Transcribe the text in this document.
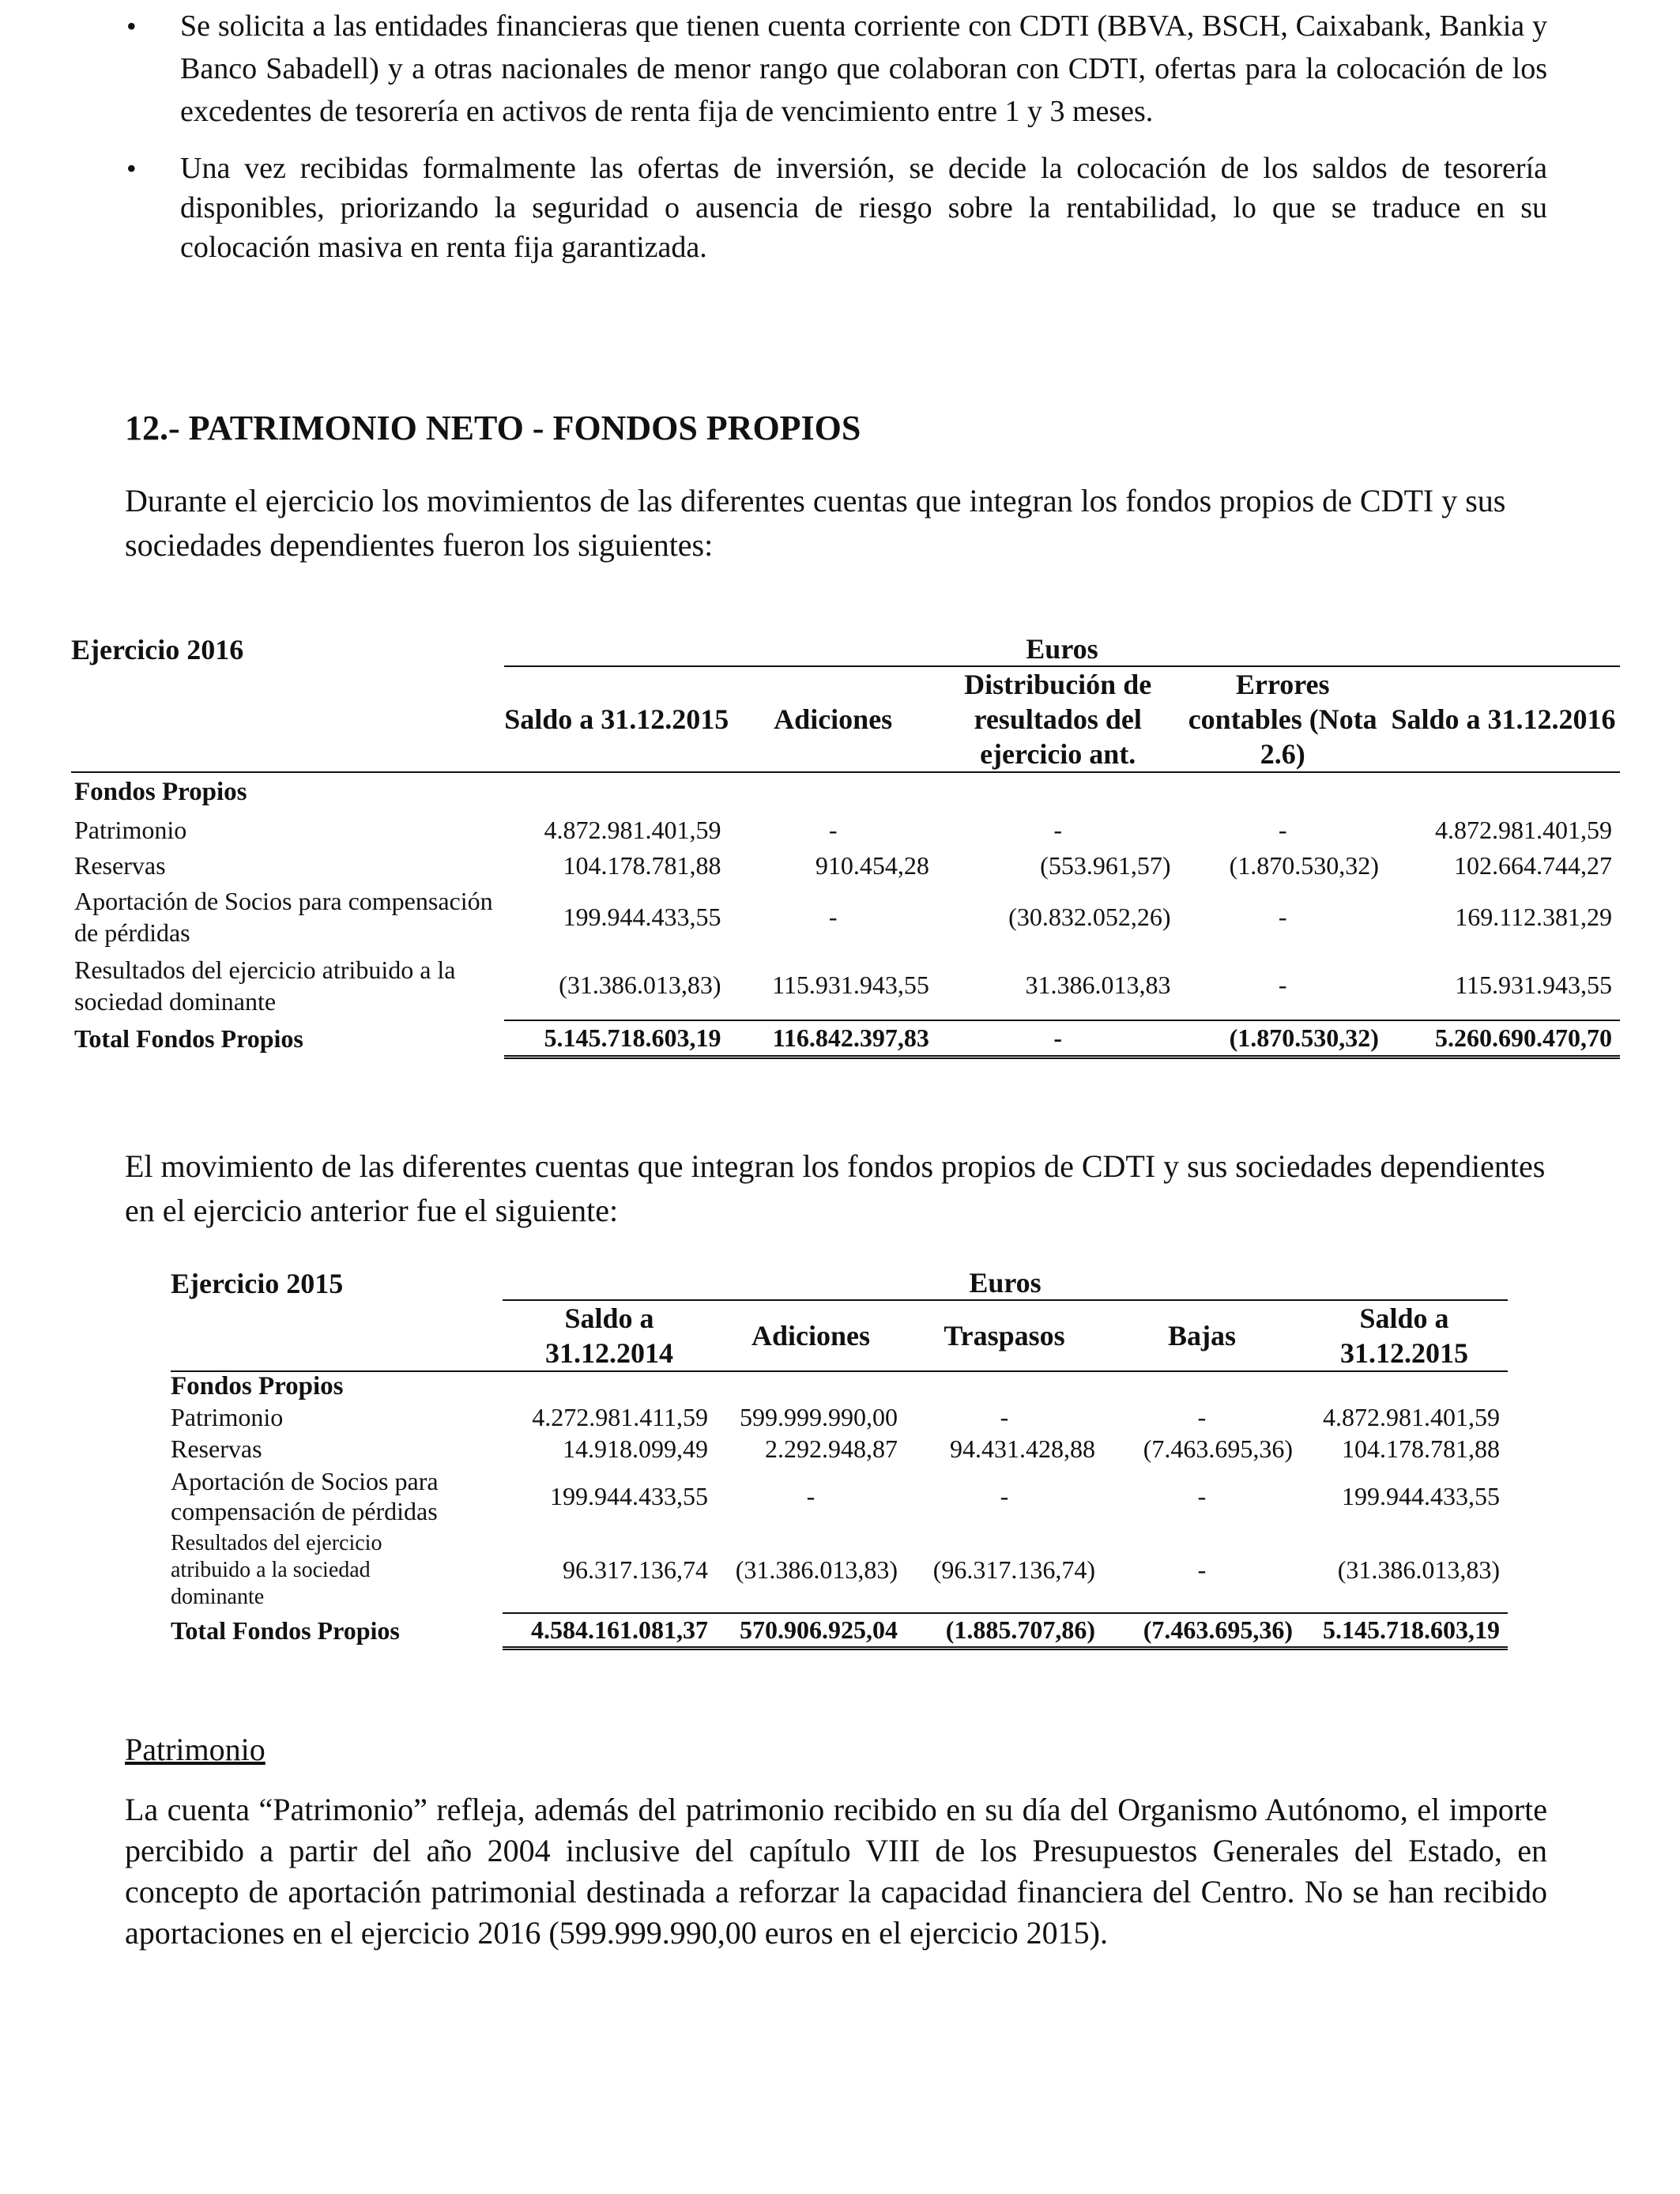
• Se solicita a las entidades financieras que tienen cuenta corriente con CDTI (BBVA, BSCH, Caixabank, Bankia y Banco Sabadell) y a otras nacionales de menor rango que colaboran con CDTI, ofertas para la colocación de los excedentes de tesorería en activos de renta fija de vencimiento entre 1 y 3 meses.
• Una vez recibidas formalmente las ofertas de inversión, se decide la colocación de los saldos de tesorería disponibles, priorizando la seguridad o ausencia de riesgo sobre la rentabilidad, lo que se traduce en su colocación masiva en renta fija garantizada.
12.- PATRIMONIO NETO - FONDOS PROPIOS

Durante el ejercicio los movimientos de las diferentes cuentas que integran los fondos propios de CDTI y sus sociedades dependientes fueron los siguientes:

Ejercicio 2016	Euros				
	Saldo a 31.12.2015	Adiciones	Distribución de resultados del ejercicio ant.	Errores contables (Nota 2.6)	Saldo a 31.12.2016
Fondos Propios					
Patrimonio	4.872.981.401,59	-	-	-	4.872.981.401,59
Reservas	104.178.781,88	910.454,28	(553.961,57)	(1.870.530,32)	102.664.744,27
Aportación de Socios para compensación de pérdidas	199.944.433,55	-	(30.832.052,26)	-	169.112.381,29
Resultados del ejercicio atribuido a la sociedad dominante	(31.386.013,83)	115.931.943,55	31.386.013,83	-	115.931.943,55
Total Fondos Propios	5.145.718.603,19	116.842.397,83	-	(1.870.530,32)	5.260.690.470,70

El movimiento de las diferentes cuentas que integran los fondos propios de CDTI y sus sociedades dependientes en el ejercicio anterior fue el siguiente:

Ejercicio 2015	Euros				
	Saldo a 31.12.2014	Adiciones	Traspasos	Bajas	Saldo a 31.12.2015
Fondos Propios					
Patrimonio	4.272.981.411,59	599.999.990,00	-	-	4.872.981.401,59
Reservas	14.918.099,49	2.292.948,87	94.431.428,88	(7.463.695,36)	104.178.781,88
Aportación de Socios para compensación de pérdidas	199.944.433,55	-	-	-	199.944.433,55
Resultados del ejercicio atribuido a la sociedad dominante	96.317.136,74	(31.386.013,83)	(96.317.136,74)	-	(31.386.013,83)
Total Fondos Propios	4.584.161.081,37	570.906.925,04	(1.885.707,86)	(7.463.695,36)	5.145.718.603,19

Patrimonio

La cuenta “Patrimonio” refleja, además del patrimonio recibido en su día del Organismo Autónomo, el importe percibido a partir del año 2004 inclusive del capítulo VIII de los Presupuestos Generales del Estado, en concepto de aportación patrimonial destinada a reforzar la capacidad financiera del Centro. No se han recibido aportaciones en el ejercicio 2016 (599.999.990,00 euros en el ejercicio 2015).
